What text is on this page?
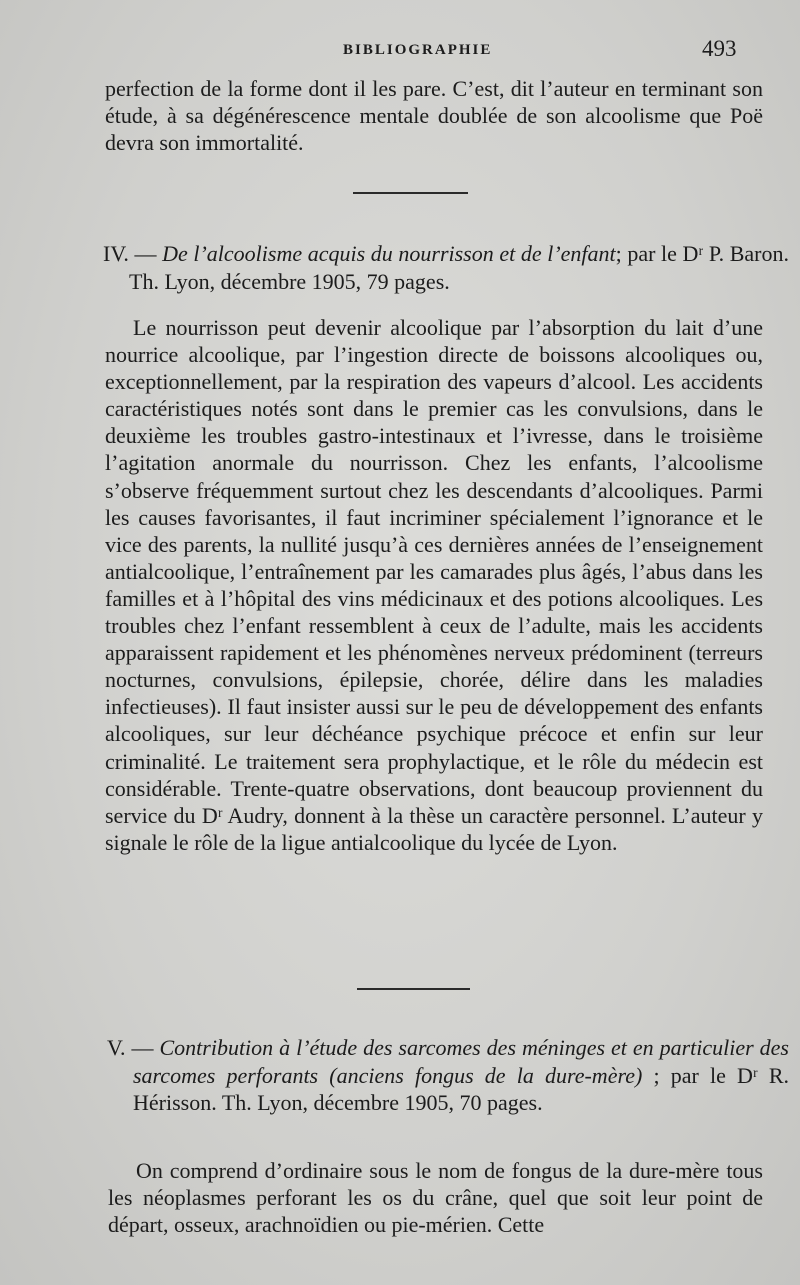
BIBLIOGRAPHIE	493

perfection de la forme dont il les pare. C’est, dit l’auteur en terminant son étude, à sa dégénérescence mentale doublée de son alcoolisme que Poë devra son immortalité.

IV. — De l’alcoolisme acquis du nourrisson et de l’enfant; par le Dʳ P. Baron. Th. Lyon, décembre 1905, 79 pages.

Le nourrisson peut devenir alcoolique par l’absorption du lait d’une nourrice alcoolique, par l’ingestion directe de boissons alcooliques ou, exceptionnellement, par la respiration des vapeurs d’alcool. Les accidents caractéristiques notés sont dans le premier cas les convulsions, dans le deuxième les troubles gastro-intestinaux et l’ivresse, dans le troisième l’agitation anormale du nourrisson. Chez les enfants, l’alcoolisme s’observe fréquemment surtout chez les descendants d’alcooliques. Parmi les causes favorisantes, il faut incriminer spécialement l’ignorance et le vice des parents, la nullité jusqu’à ces dernières années de l’enseignement antialcoolique, l’entraînement par les camarades plus âgés, l’abus dans les familles et à l’hôpital des vins médicinaux et des potions alcooliques. Les troubles chez l’enfant ressemblent à ceux de l’adulte, mais les accidents apparaissent rapidement et les phénomènes nerveux prédominent (terreurs nocturnes, convulsions, épilepsie, chorée, délire dans les maladies infectieuses). Il faut insister aussi sur le peu de développement des enfants alcooliques, sur leur déchéance psychique précoce et enfin sur leur criminalité. Le traitement sera prophylactique, et le rôle du médecin est considérable. Trente-quatre observations, dont beaucoup proviennent du service du Dʳ Audry, donnent à la thèse un caractère personnel. L’auteur y signale le rôle de la ligue antialcoolique du lycée de Lyon.

V. — Contribution à l’étude des sarcomes des méninges et en particulier des sarcomes perforants (anciens fongus de la dure-mère) ; par le Dʳ R. Hérisson. Th. Lyon, décembre 1905, 70 pages.

On comprend d’ordinaire sous le nom de fongus de la dure-mère tous les néoplasmes perforant les os du crâne, quel que soit leur point de départ, osseux, arachnoïdien ou pie-mérien. Cette
